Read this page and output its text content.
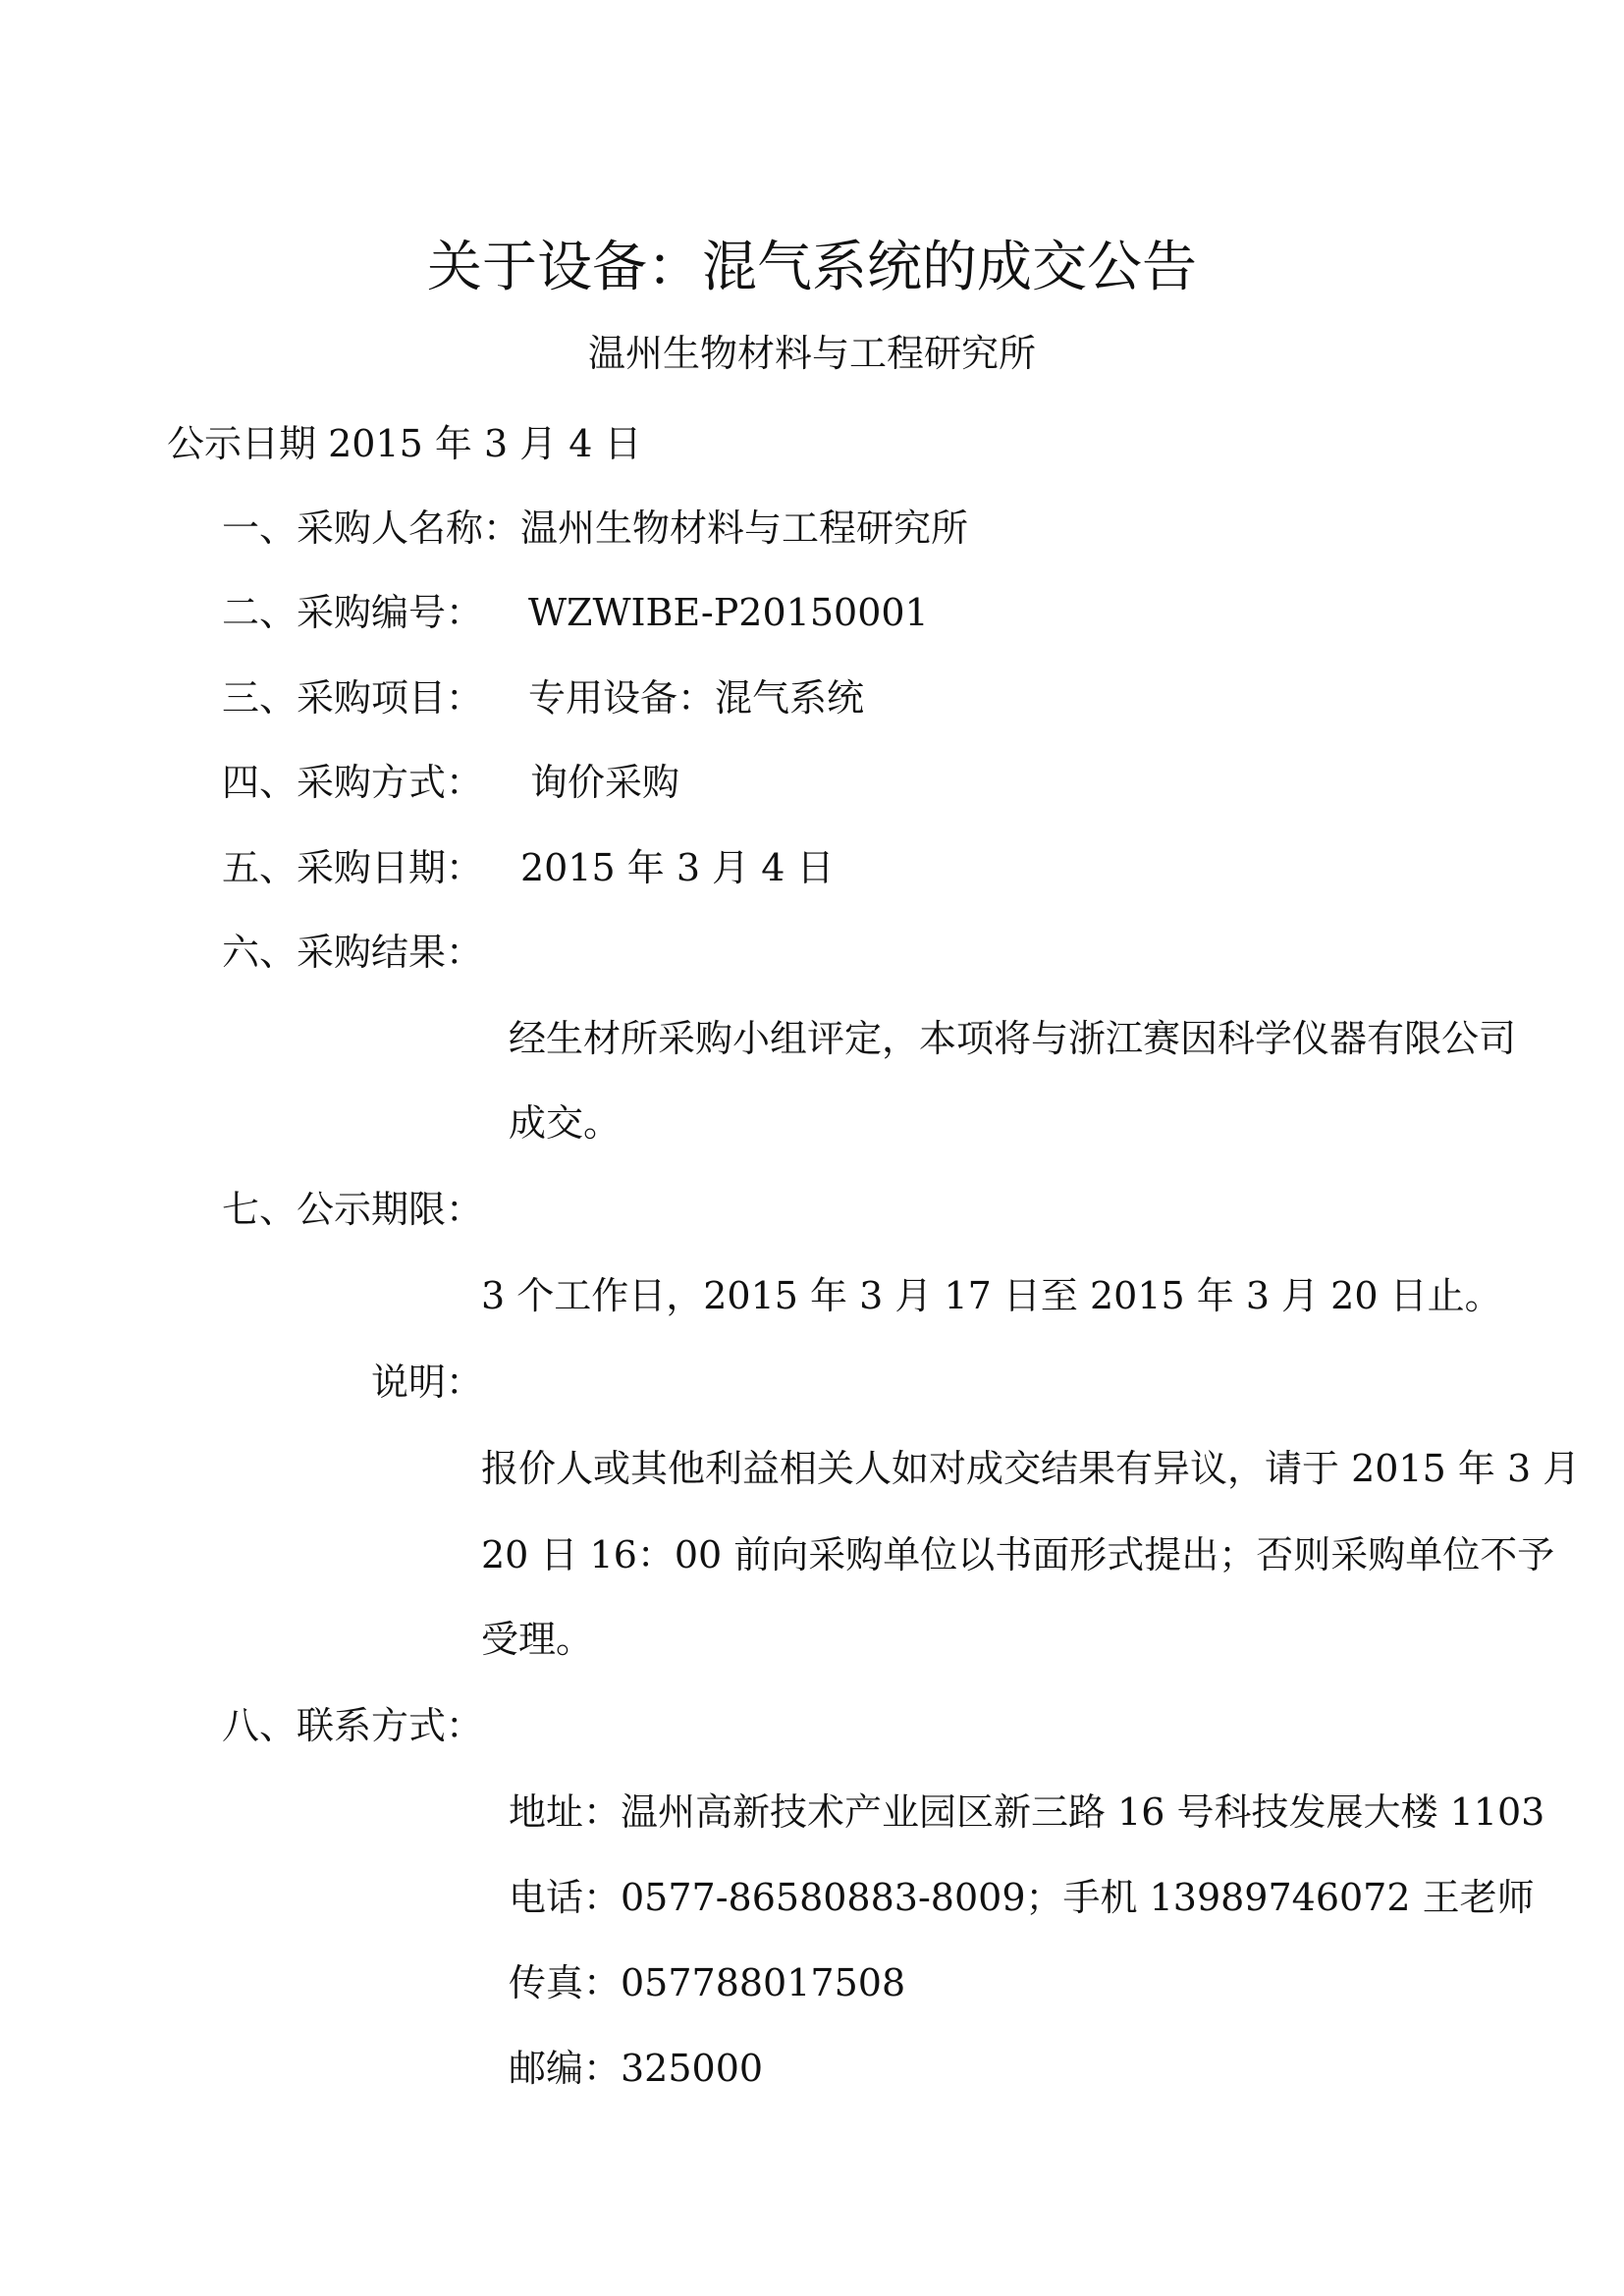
关于设备：混气系统的成交公告
温州生物材料与工程研究所
公示日期 2015 年 3 月 4 日
一、采购人名称： 温州生物材料与工程研究所
二、采购编号： WZWIBE-P20150001
三、采购项目： 专用设备：混气系统
四、采购方式： 询价采购
五、采购日期： 2015 年 3 月 4 日
六、采购结果：
经生材所采购小组评定，本项将与浙江赛因科学仪器有限公司
成交。
七、公示期限：
3 个工作日，2015 年 3 月 17 日至 2015 年 3 月 20 日止。
说明：
报价人或其他利益相关人如对成交结果有异议，请于 2015 年 3 月
20 日 16：00 前向采购单位以书面形式提出；否则采购单位不予
受理。
八、联系方式：
地址：温州高新技术产业园区新三路 16 号科技发展大楼 1103
电话：0577-86580883-8009；手机 13989746072 王老师
传真：057788017508
邮编：325000
